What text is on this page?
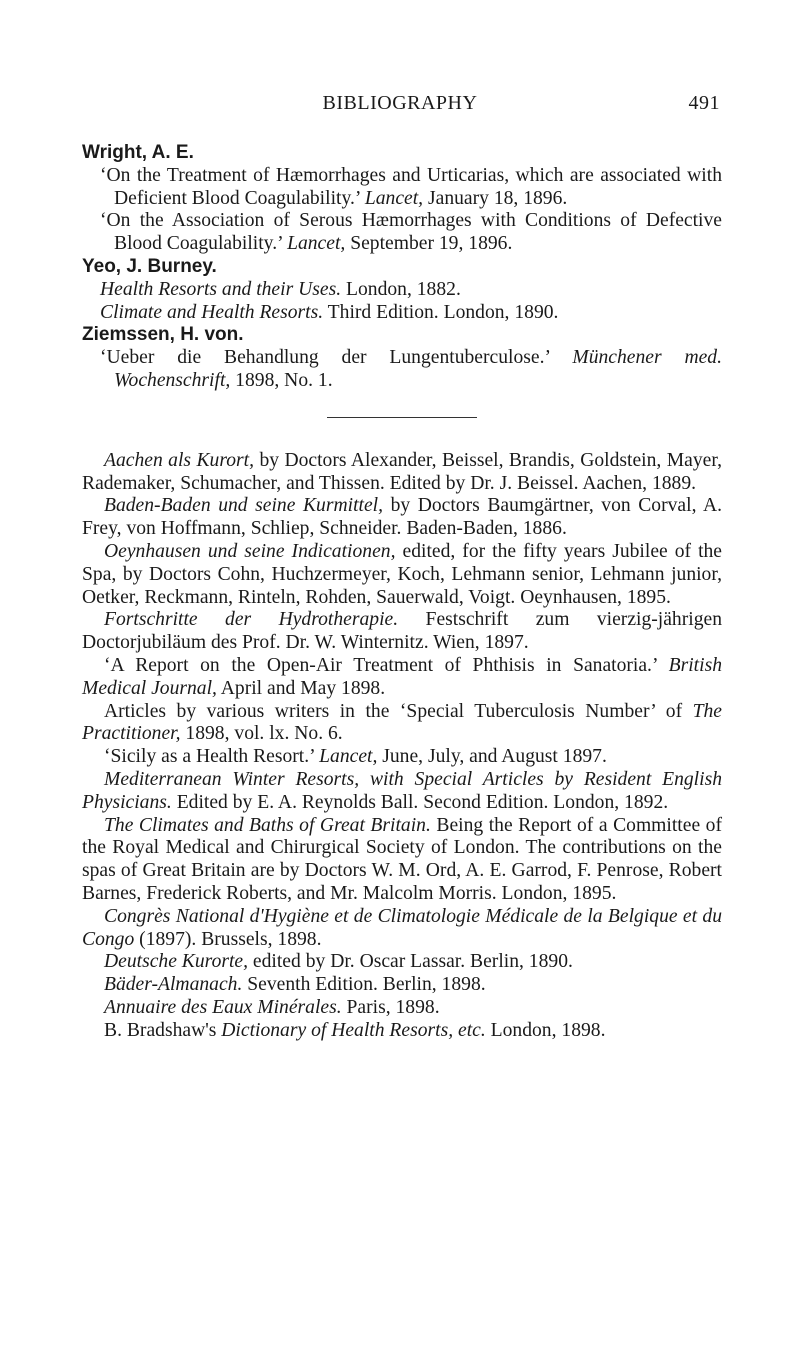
BIBLIOGRAPHY	491
Wright, A. E.
‘On the Treatment of Hæmorrhages and Urticarias, which are associated with Deficient Blood Coagulability.’ Lancet, January 18, 1896.
‘On the Association of Serous Hæmorrhages with Conditions of Defective Blood Coagulability.’ Lancet, September 19, 1896.
Yeo, J. Burney.
Health Resorts and their Uses. London, 1882.
Climate and Health Resorts. Third Edition. London, 1890.
Ziemssen, H. von.
‘Ueber die Behandlung der Lungentuberculose.’ Münchener med. Wochenschrift, 1898, No. 1.
Aachen als Kurort, by Doctors Alexander, Beissel, Brandis, Goldstein, Mayer, Rademaker, Schumacher, and Thissen. Edited by Dr. J. Beissel. Aachen, 1889.
Baden-Baden und seine Kurmittel, by Doctors Baumgärtner, von Corval, A. Frey, von Hoffmann, Schliep, Schneider. Baden-Baden, 1886.
Oeynhausen und seine Indicationen, edited, for the fifty years Jubilee of the Spa, by Doctors Cohn, Huchzermeyer, Koch, Lehmann senior, Lehmann junior, Oetker, Reckmann, Rinteln, Rohden, Sauerwald, Voigt. Oeynhausen, 1895.
Fortschritte der Hydrotherapie. Festschrift zum vierzig-jährigen Doctorjubiläum des Prof. Dr. W. Winternitz. Wien, 1897.
‘A Report on the Open-Air Treatment of Phthisis in Sanatoria.’ British Medical Journal, April and May 1898.
Articles by various writers in the ‘Special Tuberculosis Number’ of The Practitioner, 1898, vol. lx. No. 6.
‘Sicily as a Health Resort.’ Lancet, June, July, and August 1897.
Mediterranean Winter Resorts, with Special Articles by Resident English Physicians. Edited by E. A. Reynolds Ball. Second Edition. London, 1892.
The Climates and Baths of Great Britain. Being the Report of a Committee of the Royal Medical and Chirurgical Society of London. The contributions on the spas of Great Britain are by Doctors W. M. Ord, A. E. Garrod, F. Penrose, Robert Barnes, Frederick Roberts, and Mr. Malcolm Morris. London, 1895.
Congrès National d'Hygiène et de Climatologie Médicale de la Belgique et du Congo (1897). Brussels, 1898.
Deutsche Kurorte, edited by Dr. Oscar Lassar. Berlin, 1890.
Bäder-Almanach. Seventh Edition. Berlin, 1898.
Annuaire des Eaux Minérales. Paris, 1898.
B. Bradshaw's Dictionary of Health Resorts, etc. London, 1898.
